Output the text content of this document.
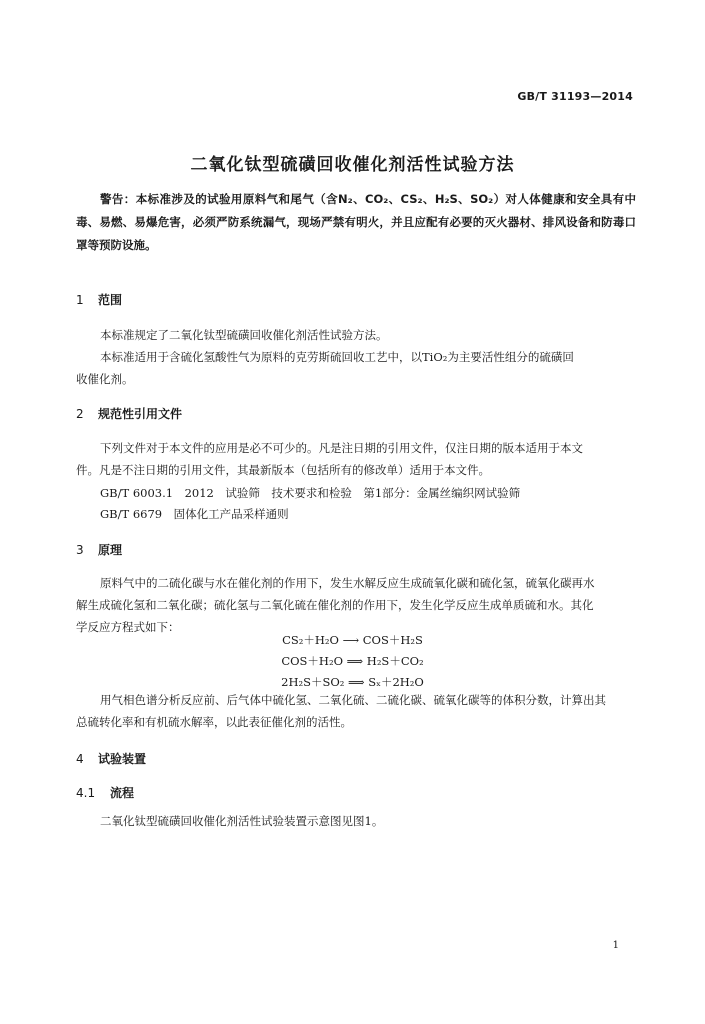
GB/T 31193—2014
二氧化钛型硫磺回收催化剂活性试验方法
警告：本标准涉及的试验用原料气和尾气（含N₂、CO₂、CS₂、H₂S、SO₂）对人体健康和安全具有中毒、易燃、易爆危害，必须严防系统漏气，现场严禁有明火，并且应配有必要的灭火器材、排风设备和防毒口罩等预防设施。
1 范围
本标准规定了二氧化钛型硫磺回收催化剂活性试验方法。
本标准适用于含硫化氢酸性气为原料的克劳斯硫回收工艺中，以TiO₂为主要活性组分的硫磺回
收催化剂。
2 规范性引用文件
下列文件对于本文件的应用是必不可少的。凡是注日期的引用文件，仅注日期的版本适用于本文
件。凡是不注日期的引用文件，其最新版本（包括所有的修改单）适用于本文件。
GB/T 6003.1　2012　试验筛　技术要求和检验　第1部分：金属丝编织网试验筛
GB/T 6679　固体化工产品采样通则
3 原理
原料气中的二硫化碳与水在催化剂的作用下，发生水解反应生成硫氧化碳和硫化氢，硫氧化碳再水
解生成硫化氢和二氧化碳；硫化氢与二氧化硫在催化剂的作用下，发生化学反应生成单质硫和水。其化
学反应方程式如下：
CS₂＋H₂O ⟶ COS＋H₂S
COS＋H₂O ⟹ H₂S＋CO₂
2H₂S＋SO₂ ⟹ Sₓ＋2H₂O
用气相色谱分析反应前、后气体中硫化氢、二氧化硫、二硫化碳、硫氧化碳等的体积分数，计算出其
总硫转化率和有机硫水解率，以此表征催化剂的活性。
4 试验装置
4.1 流程
二氧化钛型硫磺回收催化剂活性试验装置示意图见图1。
1
